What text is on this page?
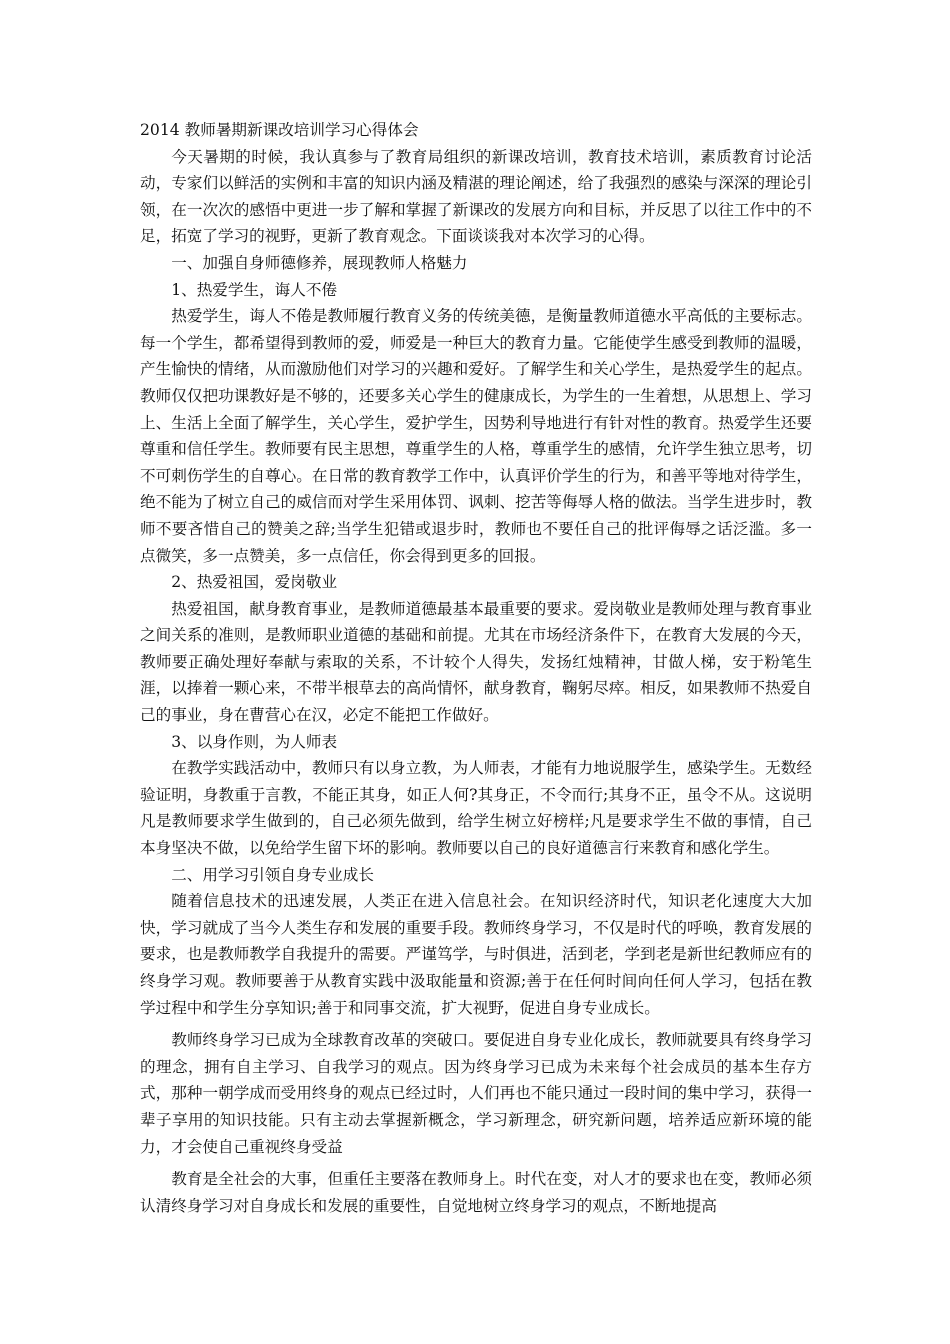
2014 教师暑期新课改培训学习心得体会

今天暑期的时候，我认真参与了教育局组织的新课改培训，教育技术培训，素质教育讨论活动，专家们以鲜活的实例和丰富的知识内涵及精湛的理论阐述，给了我强烈的感染与深深的理论引领，在一次次的感悟中更进一步了解和掌握了新课改的发展方向和目标，并反思了以往工作中的不足，拓宽了学习的视野，更新了教育观念。下面谈谈我对本次学习的心得。

一、加强自身师德修养，展现教师人格魅力

1、热爱学生，诲人不倦

热爱学生，诲人不倦是教师履行教育义务的传统美德，是衡量教师道德水平高低的主要标志。每一个学生，都希望得到教师的爱，师爱是一种巨大的教育力量。它能使学生感受到教师的温暖，产生愉快的情绪，从而激励他们对学习的兴趣和爱好。了解学生和关心学生，是热爱学生的起点。教师仅仅把功课教好是不够的，还要多关心学生的健康成长，为学生的一生着想，从思想上、学习上、生活上全面了解学生，关心学生，爱护学生，因势利导地进行有针对性的教育。热爱学生还要尊重和信任学生。教师要有民主思想，尊重学生的人格，尊重学生的感情，允许学生独立思考，切不可刺伤学生的自尊心。在日常的教育教学工作中，认真评价学生的行为，和善平等地对待学生，绝不能为了树立自己的威信而对学生采用体罚、讽刺、挖苦等侮辱人格的做法。当学生进步时，教师不要吝惜自己的赞美之辞;当学生犯错或退步时，教师也不要任自己的批评侮辱之话泛滥。多一点微笑，多一点赞美，多一点信任，你会得到更多的回报。

2、热爱祖国，爱岗敬业

热爱祖国，献身教育事业，是教师道德最基本最重要的要求。爱岗敬业是教师处理与教育事业之间关系的准则，是教师职业道德的基础和前提。尤其在市场经济条件下，在教育大发展的今天，教师要正确处理好奉献与索取的关系，不计较个人得失，发扬红烛精神，甘做人梯，安于粉笔生涯，以捧着一颗心来，不带半根草去的高尚情怀，献身教育，鞠躬尽瘁。相反，如果教师不热爱自己的事业，身在曹营心在汉，必定不能把工作做好。

3、以身作则，为人师表

在教学实践活动中，教师只有以身立教，为人师表，才能有力地说服学生，感染学生。无数经验证明，身教重于言教，不能正其身，如正人何?其身正，不令而行;其身不正，虽令不从。这说明凡是教师要求学生做到的，自己必须先做到，给学生树立好榜样;凡是要求学生不做的事情，自己本身坚决不做，以免给学生留下坏的影响。教师要以自己的良好道德言行来教育和感化学生。

二、用学习引领自身专业成长

随着信息技术的迅速发展，人类正在进入信息社会。在知识经济时代，知识老化速度大大加快，学习就成了当今人类生存和发展的重要手段。教师终身学习，不仅是时代的呼唤，教育发展的要求，也是教师教学自我提升的需要。严谨笃学，与时俱进，活到老，学到老是新世纪教师应有的终身学习观。教师要善于从教育实践中汲取能量和资源;善于在任何时间向任何人学习，包括在教学过程中和学生分享知识;善于和同事交流，扩大视野，促进自身专业成长。

教师终身学习已成为全球教育改革的突破口。要促进自身专业化成长，教师就要具有终身学习的理念，拥有自主学习、自我学习的观点。因为终身学习已成为未来每个社会成员的基本生存方式，那种一朝学成而受用终身的观点已经过时，人们再也不能只通过一段时间的集中学习，获得一辈子享用的知识技能。只有主动去掌握新概念，学习新理念，研究新问题，培养适应新环境的能力，才会使自己重视终身受益

教育是全社会的大事，但重任主要落在教师身上。时代在变，对人才的要求也在变，教师必须认清终身学习对自身成长和发展的重要性，自觉地树立终身学习的观点，不断地提高
